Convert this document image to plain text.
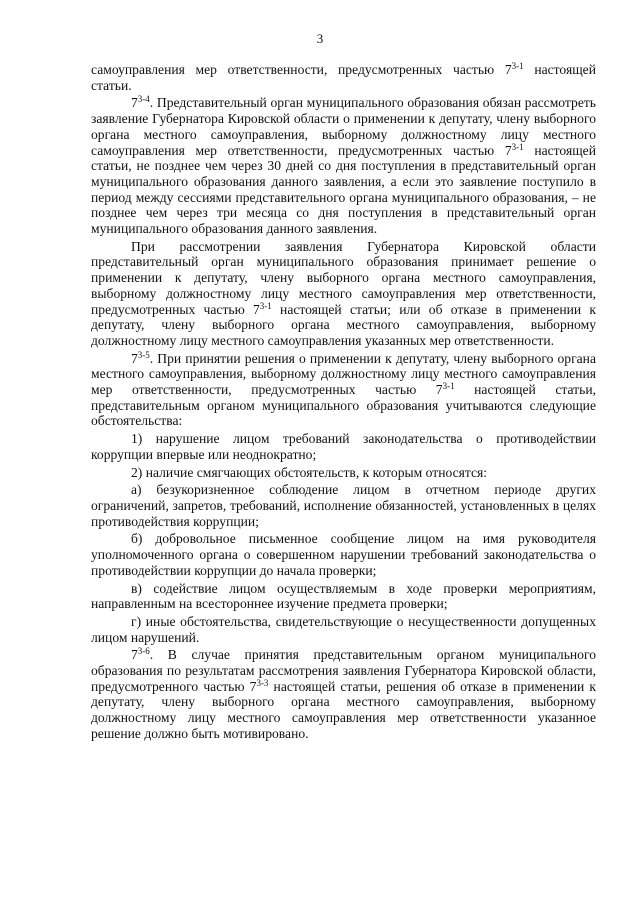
3

самоуправления мер ответственности, предусмотренных частью 7$^{3-1}$ настоящей статьи.

7$^{3-4}$. Представительный орган муниципального образования обязан рассмотреть заявление Губернатора Кировской области о применении к депутату, члену выборного органа местного самоуправления, выборному должностному лицу местного самоуправления мер ответственности, предусмотренных частью 7$^{3-1}$ настоящей статьи, не позднее чем через 30 дней со дня поступления в представительный орган муниципального образования данного заявления, а если это заявление поступило в период между сессиями представительного органа муниципального образования, – не позднее чем через три месяца со дня поступления в представительный орган муниципального образования данного заявления.

При рассмотрении заявления Губернатора Кировской области представительный орган муниципального образования принимает решение о применении к депутату, члену выборного органа местного самоуправления, выборному должностному лицу местного самоуправления мер ответственности, предусмотренных частью 7$^{3-1}$ настоящей статьи; или об отказе в применении к депутату, члену выборного органа местного самоуправления, выборному должностному лицу местного самоуправления указанных мер ответственности.

7$^{3-5}$. При принятии решения о применении к депутату, члену выборного органа местного самоуправления, выборному должностному лицу местного самоуправления мер ответственности, предусмотренных частью 7$^{3-1}$ настоящей статьи, представительным органом муниципального образования учитываются следующие обстоятельства:

1) нарушение лицом требований законодательства о противодействии коррупции впервые или неоднократно;

2) наличие смягчающих обстоятельств, к которым относятся:

а) безукоризненное соблюдение лицом в отчетном периоде других ограничений, запретов, требований, исполнение обязанностей, установленных в целях противодействия коррупции;

б) добровольное письменное сообщение лицом на имя руководителя уполномоченного органа о совершенном нарушении требований законодательства о противодействии коррупции до начала проверки;

в) содействие лицом осуществляемым в ходе проверки мероприятиям, направленным на всестороннее изучение предмета проверки;

г) иные обстоятельства, свидетельствующие о несущественности допущенных лицом нарушений.

7$^{3-6}$. В случае принятия представительным органом муниципального образования по результатам рассмотрения заявления Губернатора Кировской области, предусмотренного частью 7$^{3-3}$ настоящей статьи, решения об отказе в применении к депутату, члену выборного органа местного самоуправления, выборному должностному лицу местного самоуправления мер ответственности указанное решение должно быть мотивировано.
